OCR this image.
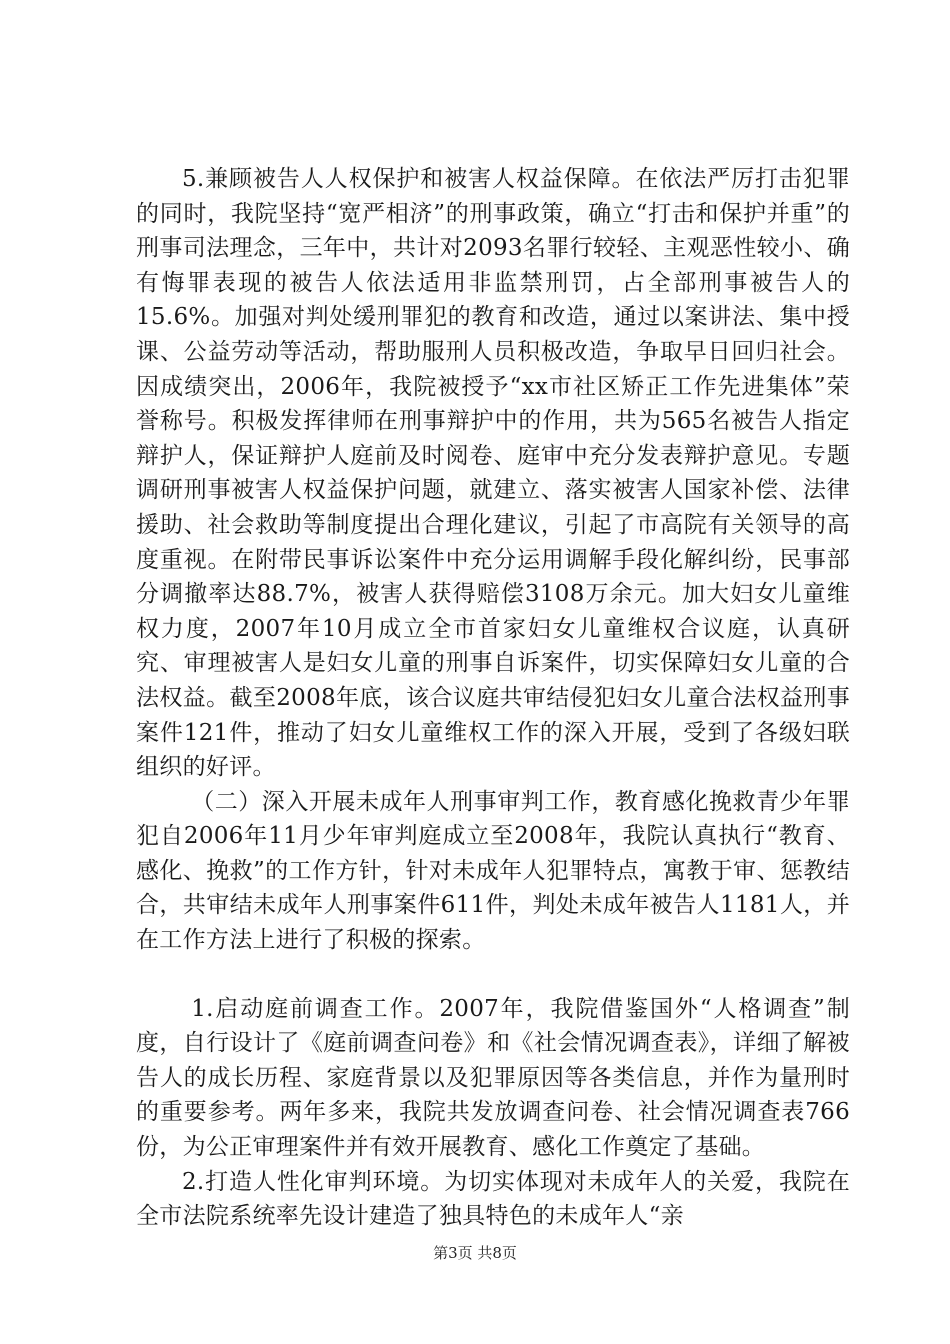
5.兼顾被告人人权保护和被害人权益保障。在依法严厉打击犯罪的同时，我院坚持“宽严相济”的刑事政策，确立“打击和保护并重”的刑事司法理念，三年中，共计对2093名罪行较轻、主观恶性较小、确有悔罪表现的被告人依法适用非监禁刑罚，占全部刑事被告人的15.6%。加强对判处缓刑罪犯的教育和改造，通过以案讲法、集中授课、公益劳动等活动，帮助服刑人员积极改造，争取早日回归社会。因成绩突出，2006年，我院被授予“xx市社区矫正工作先进集体”荣誉称号。积极发挥律师在刑事辩护中的作用，共为565名被告人指定辩护人，保证辩护人庭前及时阅卷、庭审中充分发表辩护意见。专题调研刑事被害人权益保护问题，就建立、落实被害人国家补偿、法律援助、社会救助等制度提出合理化建议，引起了市高院有关领导的高度重视。在附带民事诉讼案件中充分运用调解手段化解纠纷，民事部分调撤率达88.7%，被害人获得赔偿3108万余元。加大妇女儿童维权力度，2007年10月成立全市首家妇女儿童维权合议庭，认真研究、审理被害人是妇女儿童的刑事自诉案件，切实保障妇女儿童的合法权益。截至2008年底，该合议庭共审结侵犯妇女儿童合法权益刑事案件121件，推动了妇女儿童维权工作的深入开展，受到了各级妇联组织的好评。

（二）深入开展未成年人刑事审判工作，教育感化挽救青少年罪犯自2006年11月少年审判庭成立至2008年，我院认真执行“教育、感化、挽救”的工作方针，针对未成年人犯罪特点，寓教于审、惩教结合，共审结未成年人刑事案件611件，判处未成年被告人1181人，并在工作方法上进行了积极的探索。

1.启动庭前调查工作。2007年，我院借鉴国外“人格调查”制度，自行设计了《庭前调查问卷》和《社会情况调查表》，详细了解被告人的成长历程、家庭背景以及犯罪原因等各类信息，并作为量刑时的重要参考。两年多来，我院共发放调查问卷、社会情况调查表766份，为公正审理案件并有效开展教育、感化工作奠定了基础。

2.打造人性化审判环境。为切实体现对未成年人的关爱，我院在全市法院系统率先设计建造了独具特色的未成年人“亲

第3页 共8页
